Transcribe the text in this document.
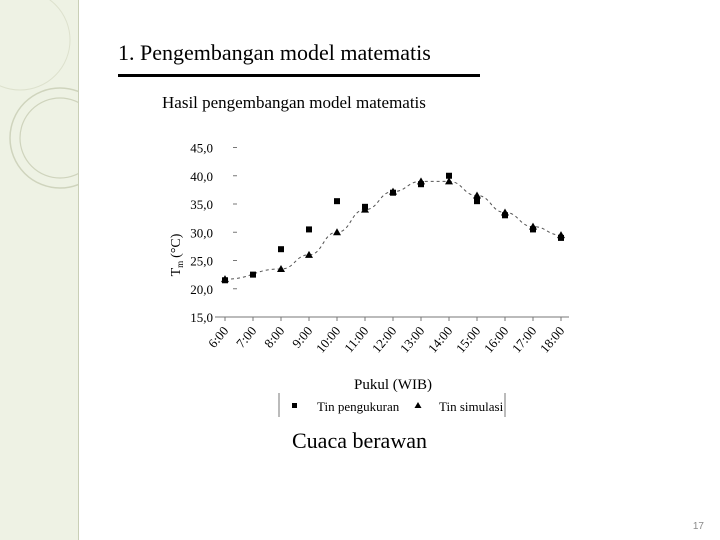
1. Pengembangan model matematis
Hasil pengembangan model matematis
15,0
20,0
25,0
30,0
35,0
40,0
45,0
6:00 7:00 8:00 9:00
10:00
11:00
12:00
13:00
14:00
15:00
16:00
17:00
18:00
$T_m(^\circ C)$
Pukul (WIB)
Tin pengukuran	Tin simulasi
Cuaca berawan
17
